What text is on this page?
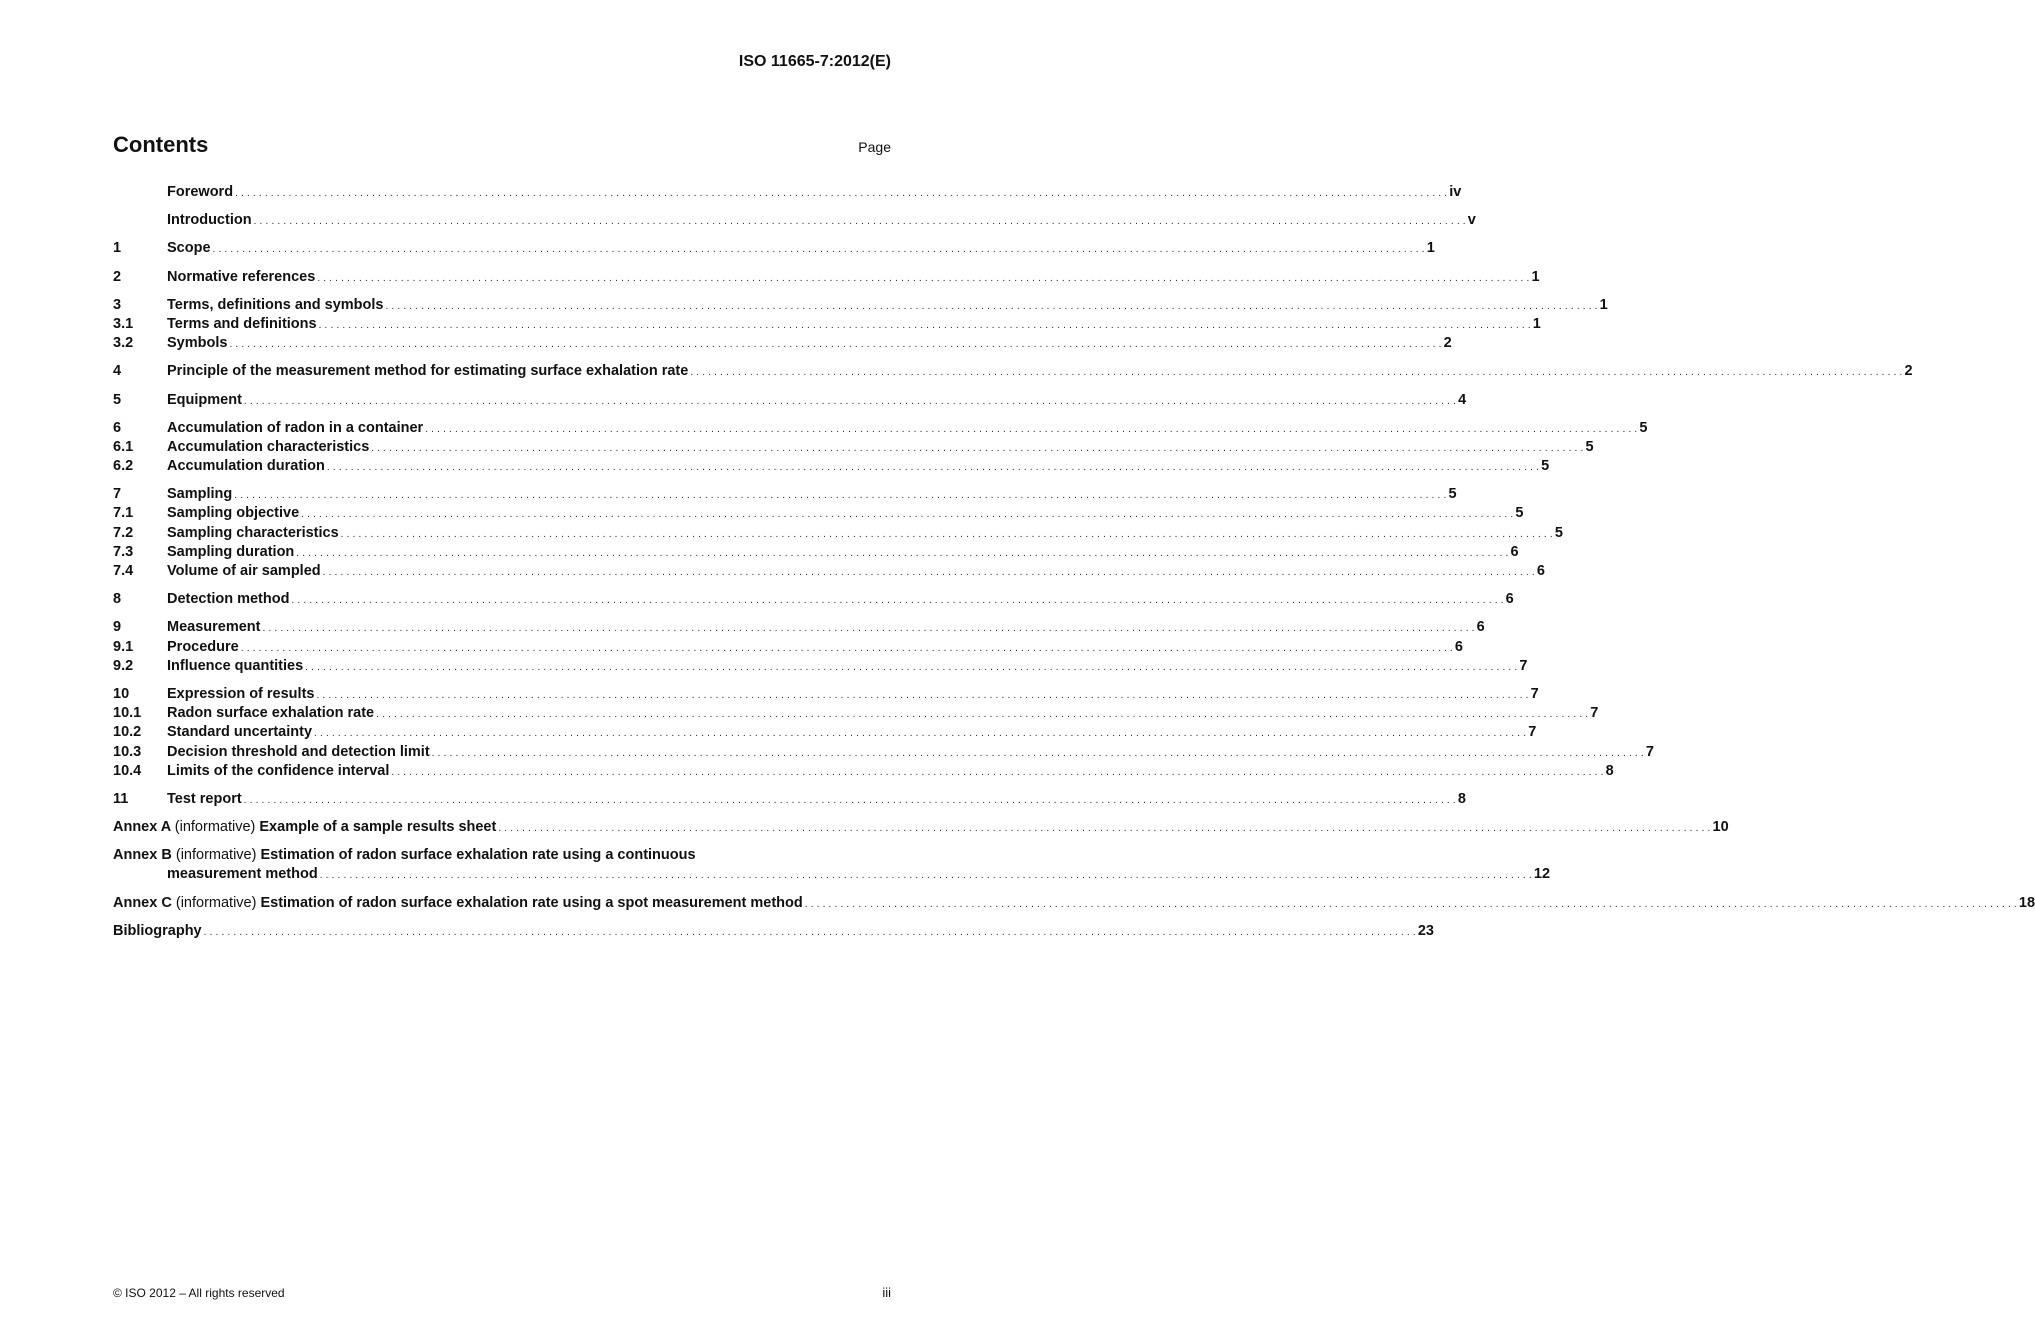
ISO 11665-7:2012(E)
Contents	Page
Foreword . . .	iv
Introduction . . .	v
1	Scope . . .	1
2	Normative references . . .	1
3	Terms, definitions and symbols . . .	1
3.1	Terms and definitions . . .	1
3.2	Symbols . . .	2
4	Principle of the measurement method for estimating surface exhalation rate . . .	2
5	Equipment . . .	4
6	Accumulation of radon in a container . . .	5
6.1	Accumulation characteristics . . .	5
6.2	Accumulation duration . . .	5
7	Sampling . . .	5
7.1	Sampling objective . . .	5
7.2	Sampling characteristics . . .	5
7.3	Sampling duration . . .	6
7.4	Volume of air sampled . . .	6
8	Detection method . . .	6
9	Measurement . . .	6
9.1	Procedure . . .	6
9.2	Influence quantities . . .	7
10	Expression of results . . .	7
10.1	Radon surface exhalation rate . . .	7
10.2	Standard uncertainty . . .	7
10.3	Decision threshold and detection limit . . .	7
10.4	Limits of the confidence interval . . .	8
11	Test report . . .	8
Annex A (informative) Example of a sample results sheet . . .	10
Annex B (informative) Estimation of radon surface exhalation rate using a continuous
measurement method . . .	12
Annex C (informative) Estimation of radon surface exhalation rate using a spot measurement method . . .	18
Bibliography . . .	23
© ISO 2012 – All rights reserved	iii
